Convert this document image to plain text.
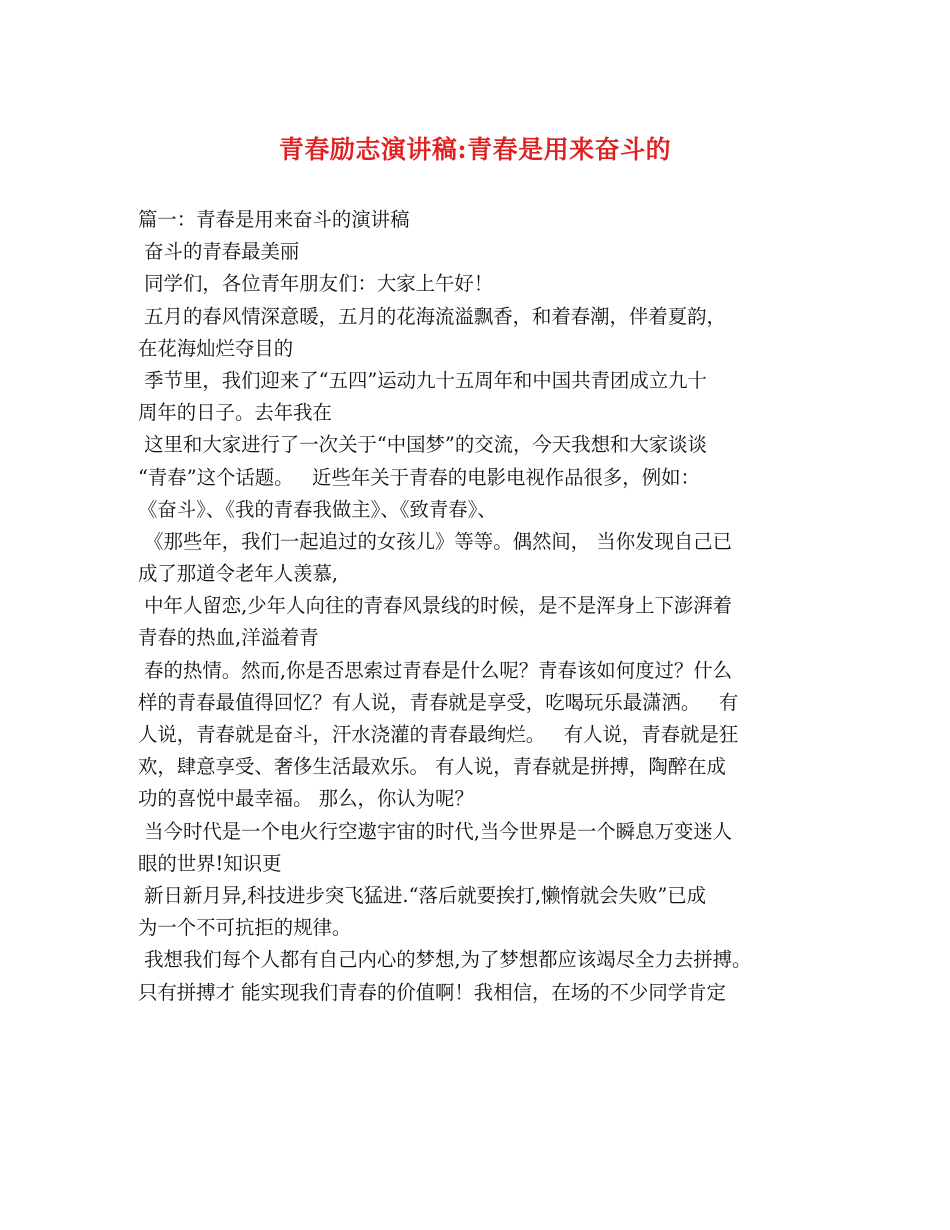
青春励志演讲稿:青春是用来奋斗的
篇一：青春是用来奋斗的演讲稿
奋斗的青春最美丽
同学们，各位青年朋友们：大家上午好！
五月的春风情深意暖，五月的花海流溢飘香，和着春潮，伴着夏韵，
在花海灿烂夺目的
季节里，我们迎来了“五四”运动九十五周年和中国共青团成立九十
周年的日子。去年我在
这里和大家进行了一次关于“中国梦”的交流，今天我想和大家谈谈
“青春”这个话题。   近些年关于青春的电影电视作品很多，例如：
《奋斗》、《我的青春我做主》、《致青春》、
《那些年，我们一起追过的女孩儿》等等。偶然间， 当你发现自己已
成了那道令老年人羡慕,
中年人留恋,少年人向往的青春风景线的时候，是不是浑身上下澎湃着
青春的热血,洋溢着青
春的热情。然而,你是否思索过青春是什么呢？青春该如何度过？什么
样的青春最值得回忆？有人说，青春就是享受，吃喝玩乐最潇洒。   有
人说，青春就是奋斗，汗水浇灌的青春最绚烂。   有人说，青春就是狂
欢，肆意享受、奢侈生活最欢乐。 有人说，青春就是拼搏，陶醉在成
功的喜悦中最幸福。 那么，你认为呢？
当今时代是一个电火行空遨宇宙的时代,当今世界是一个瞬息万变迷人
眼的世界!知识更
新日新月异,科技进步突飞猛进.“落后就要挨打,懒惰就会失败”已成
为一个不可抗拒的规律。
我想我们每个人都有自己内心的梦想,为了梦想都应该竭尽全力去拼搏。
只有拼搏才 能实现我们青春的价值啊！我相信，在场的不少同学肯定
